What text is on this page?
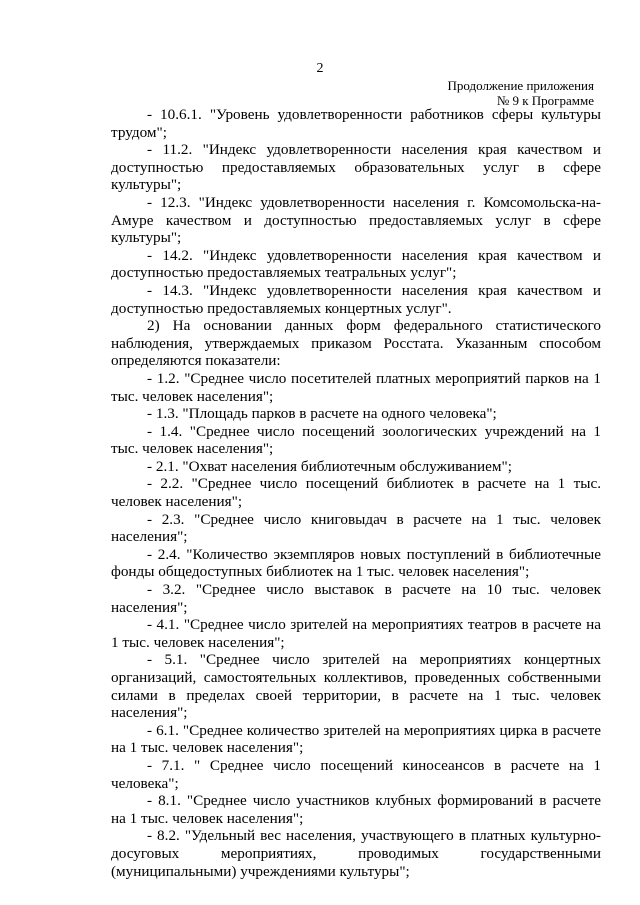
2
Продолжение приложения
№ 9 к Программе

- 10.6.1. "Уровень удовлетворенности работников сферы культуры трудом";

- 11.2. "Индекс удовлетворенности населения края качеством и доступностью предоставляемых образовательных услуг в сфере культуры";

- 12.3. "Индекс удовлетворенности населения г. Комсомольска-на-Амуре качеством и доступностью предоставляемых услуг в сфере культуры";

- 14.2. "Индекс удовлетворенности населения края качеством и доступностью предоставляемых театральных услуг";

- 14.3. "Индекс удовлетворенности населения края качеством и доступностью предоставляемых концертных услуг".

2) На основании данных форм федерального статистического наблюдения, утверждаемых приказом Росстата. Указанным способом определяются показатели:

- 1.2. "Среднее число посетителей платных мероприятий парков на 1 тыс. человек населения";

- 1.3. "Площадь парков в расчете на одного человека";

- 1.4. "Среднее число посещений зоологических учреждений на 1 тыс. человек населения";

- 2.1. "Охват населения библиотечным обслуживанием";

- 2.2. "Среднее число посещений библиотек в расчете на 1 тыс. человек населения";

- 2.3. "Среднее число книговыдач в расчете на 1 тыс. человек населения";

- 2.4. "Количество экземпляров новых поступлений в библиотечные фонды общедоступных библиотек на 1 тыс. человек населения";

- 3.2. "Среднее число выставок в расчете на 10 тыс. человек населения";

- 4.1. "Среднее число зрителей на мероприятиях театров в расчете на 1 тыс. человек населения";

- 5.1. "Среднее число зрителей на мероприятиях концертных организаций, самостоятельных коллективов, проведенных собственными силами в пределах своей территории, в расчете на 1 тыс. человек населения";

- 6.1. "Среднее количество зрителей на мероприятиях цирка в расчете на 1 тыс. человек населения";

- 7.1. " Среднее число посещений киносеансов в расчете на 1 человека";

- 8.1. "Среднее число участников клубных формирований в расчете на 1 тыс. человек населения";

- 8.2. "Удельный вес населения, участвующего в платных культурно-досуговых мероприятиях, проводимых государственными (муниципальными) учреждениями культуры";
